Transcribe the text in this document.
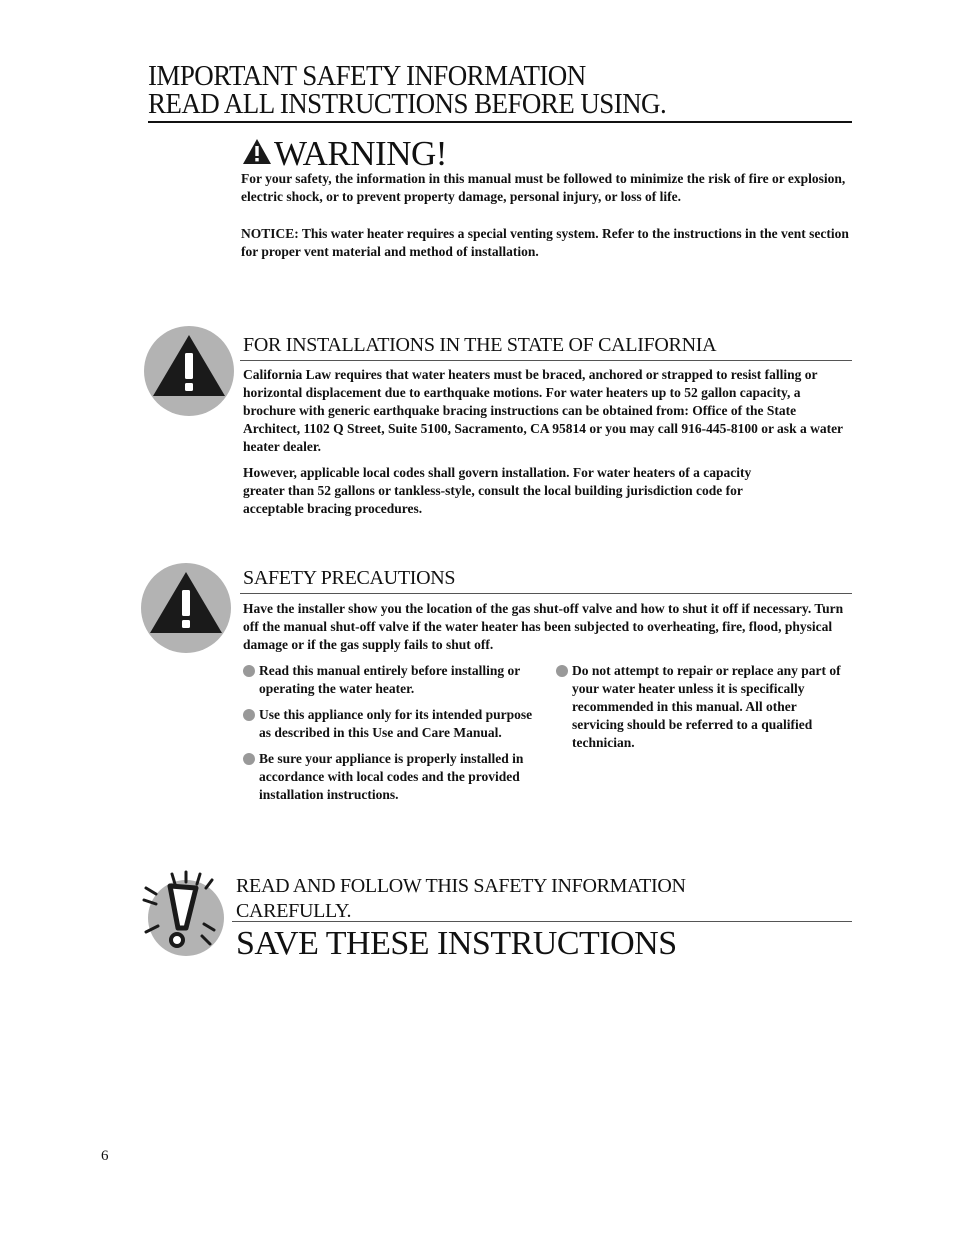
IMPORTANT SAFETY INFORMATION
READ ALL INSTRUCTIONS BEFORE USING.
WARNING!

For your safety, the information in this manual must be followed to minimize the risk of fire or explosion, electric shock, or to prevent property damage, personal injury, or loss of life.

NOTICE: This water heater requires a special venting system. Refer to the instructions in the vent section for proper vent material and method of installation.

FOR INSTALLATIONS IN THE STATE OF CALIFORNIA

California Law requires that water heaters must be braced, anchored or strapped to resist falling or horizontal displacement due to earthquake motions. For water heaters up to 52 gallon capacity, a brochure with generic earthquake bracing instructions can be obtained from: Office of the State Architect, 1102 Q Street, Suite 5100, Sacramento, CA 95814 or you may call 916-445-8100 or ask a water heater dealer.

However, applicable local codes shall govern installation. For water heaters of a capacity greater than 52 gallons or tankless-style, consult the local building jurisdiction code for acceptable bracing procedures.

SAFETY PRECAUTIONS
Have the installer show you the location of the gas shut-off valve and how to shut it off if necessary. Turn off the manual shut-off valve if the water heater has been subjected to overheating, fire, flood, physical damage or if the gas supply fails to shut off.
Read this manual entirely before installing or operating the water heater.
Use this appliance only for its intended purpose as described in this Use and Care Manual.
Be sure your appliance is properly installed in accordance with local codes and the provided installation instructions.
Do not attempt to repair or replace any part of your water heater unless it is specifically recommended in this manual. All other servicing should be referred to a qualified technician.
READ AND FOLLOW THIS SAFETY INFORMATION
CAREFULLY.
SAVE THESE INSTRUCTIONS
6
